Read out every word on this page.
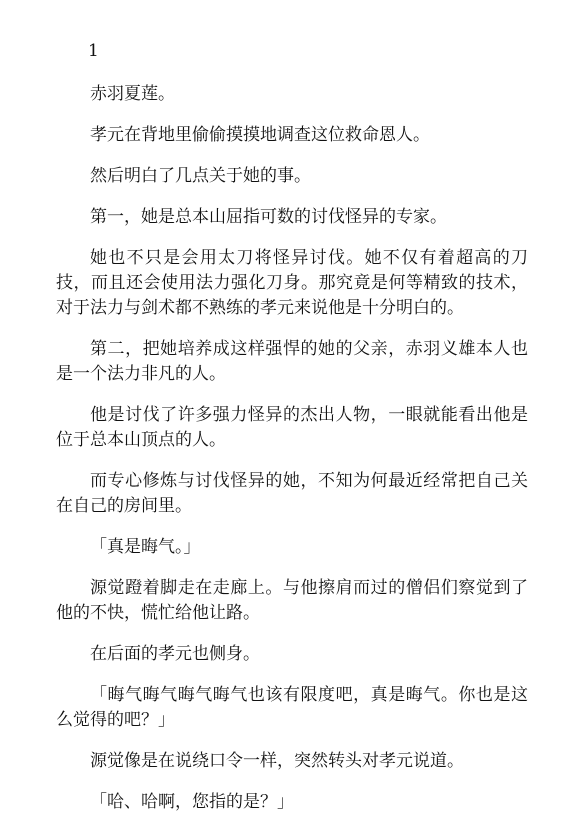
1

赤羽夏莲。

孝元在背地里偷偷摸摸地调查这位救命恩人。

然后明白了几点关于她的事。

第一，她是总本山屈指可数的讨伐怪异的专家。

她也不只是会用太刀将怪异讨伐。她不仅有着超高的刀技，而且还会使用法力强化刀身。那究竟是何等精致的技术，对于法力与剑术都不熟练的孝元来说他是十分明白的。

第二，把她培养成这样强悍的她的父亲，赤羽义雄本人也是一个法力非凡的人。

他是讨伐了许多强力怪异的杰出人物，一眼就能看出他是位于总本山顶点的人。

而专心修炼与讨伐怪异的她，不知为何最近经常把自己关在自己的房间里。

「真是晦气。」

源觉蹬着脚走在走廊上。与他擦肩而过的僧侣们察觉到了他的不快，慌忙给他让路。

在后面的孝元也侧身。

「晦气晦气晦气晦气也该有限度吧，真是晦气。你也是这么觉得的吧？」

源觉像是在说绕口令一样，突然转头对孝元说道。

「哈、哈啊，您指的是？」
